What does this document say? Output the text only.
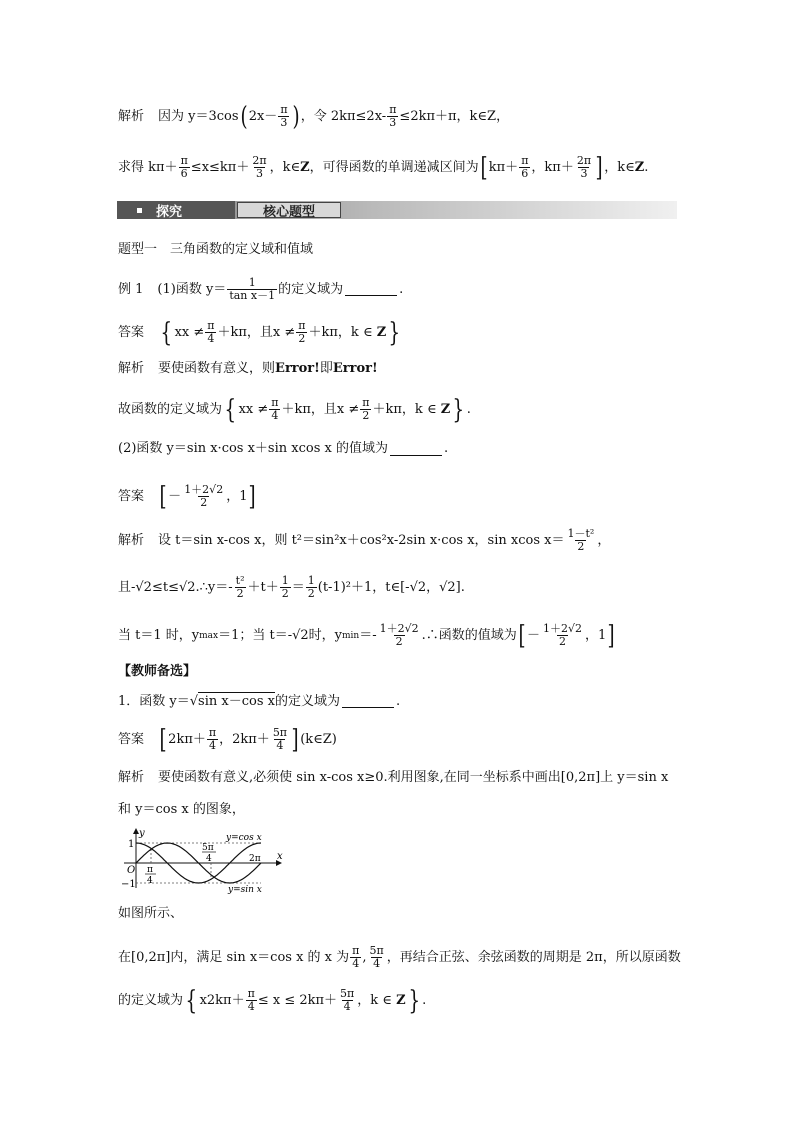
解析 因为 y＝3cos ( $2x- \frac{\pi}{3}$ ) ，令 $2k\pi\le 2x- \frac{\pi}{3} \le 2k\pi+\pi$，k∈Z，
求得 $k\pi+ \frac{\pi}{6} \le x\le k\pi+ \frac{2\pi}{3}$ ，k∈ Z ，可得函数的单调递减区间为 [ $k\pi+ \frac{\pi}{6}$ ，$k\pi+ \frac{2\pi}{3}$ ] ，k∈ Z .
探究	核心题型
题型一　三角函数的定义域和值域
例 1 (1)函数 $y= \frac{1}{\text{tan x－1}}$ 的定义域为	.
答案 { xx ≠ $\frac{\pi}{4} +k\pi$，且$x \ne \frac{\pi}{2} +k\pi$，k ∈
Z }
解析 要使函数有意义，则 Error! 即 Error!
故函数的定义域为 { xx ≠ $\frac{\pi}{4} +k\pi$，且$x \ne \frac{\pi}{2} +k\pi$，k ∈
Z } .
(2)函数 y＝sin x·cos x＋sin xcos x 的值域为	.
答案 [ － $\frac{1+2√2}{2}$ ，1 ]
解析 设 t＝sin x-cos x，则 t²＝sin²x＋cos²x-2sin x·cos x，sin xcos $x= \frac{\text{1－t²}}{2}$ ，
且-√2≤t≤√2.∴y＝- $\frac{\text{t²}}{2} +t+ \frac{1}{2} = \frac{1}{2} (t-1)^2+1$，t∈[-√2，√2].
当 t＝1 时，y max ＝1；当 t＝-√2时，y $\min =- \frac{1+2√2}{2}$ .∴函数的值域为 [ － $\frac{1+2√2}{2}$ ，1 ]
【教师备选】
1．函数 y＝√ sin x－cos x 的定义域为	.
答案 [ $2k\pi+ \frac{\pi}{4}$ ，$2k\pi+ \frac{5\pi}{4}$ ] (k∈Z)
解析 要使函数有意义,必须使 sin x-cos x≥0.利用图象,在同一坐标系中画出[0,2π]上 y＝sin x
和 y＝cos x 的图象，
y
x
O
1
−1
π
4
5π
4	2π
y=cos x
y=sin x
如图所示、
在[0,2π]内，满足 sin x＝cos x 的 x 为 $\frac{\pi}{4}$ , $\frac{5\pi}{4}$ ，再结合正弦、余弦函数的周期是 2π，所以原函数
的定义域为 { $x2k\pi+ \frac{\pi}{4} \le x \le 2k\pi+ \frac{5\pi}{4}$ ，k ∈
Z } .
